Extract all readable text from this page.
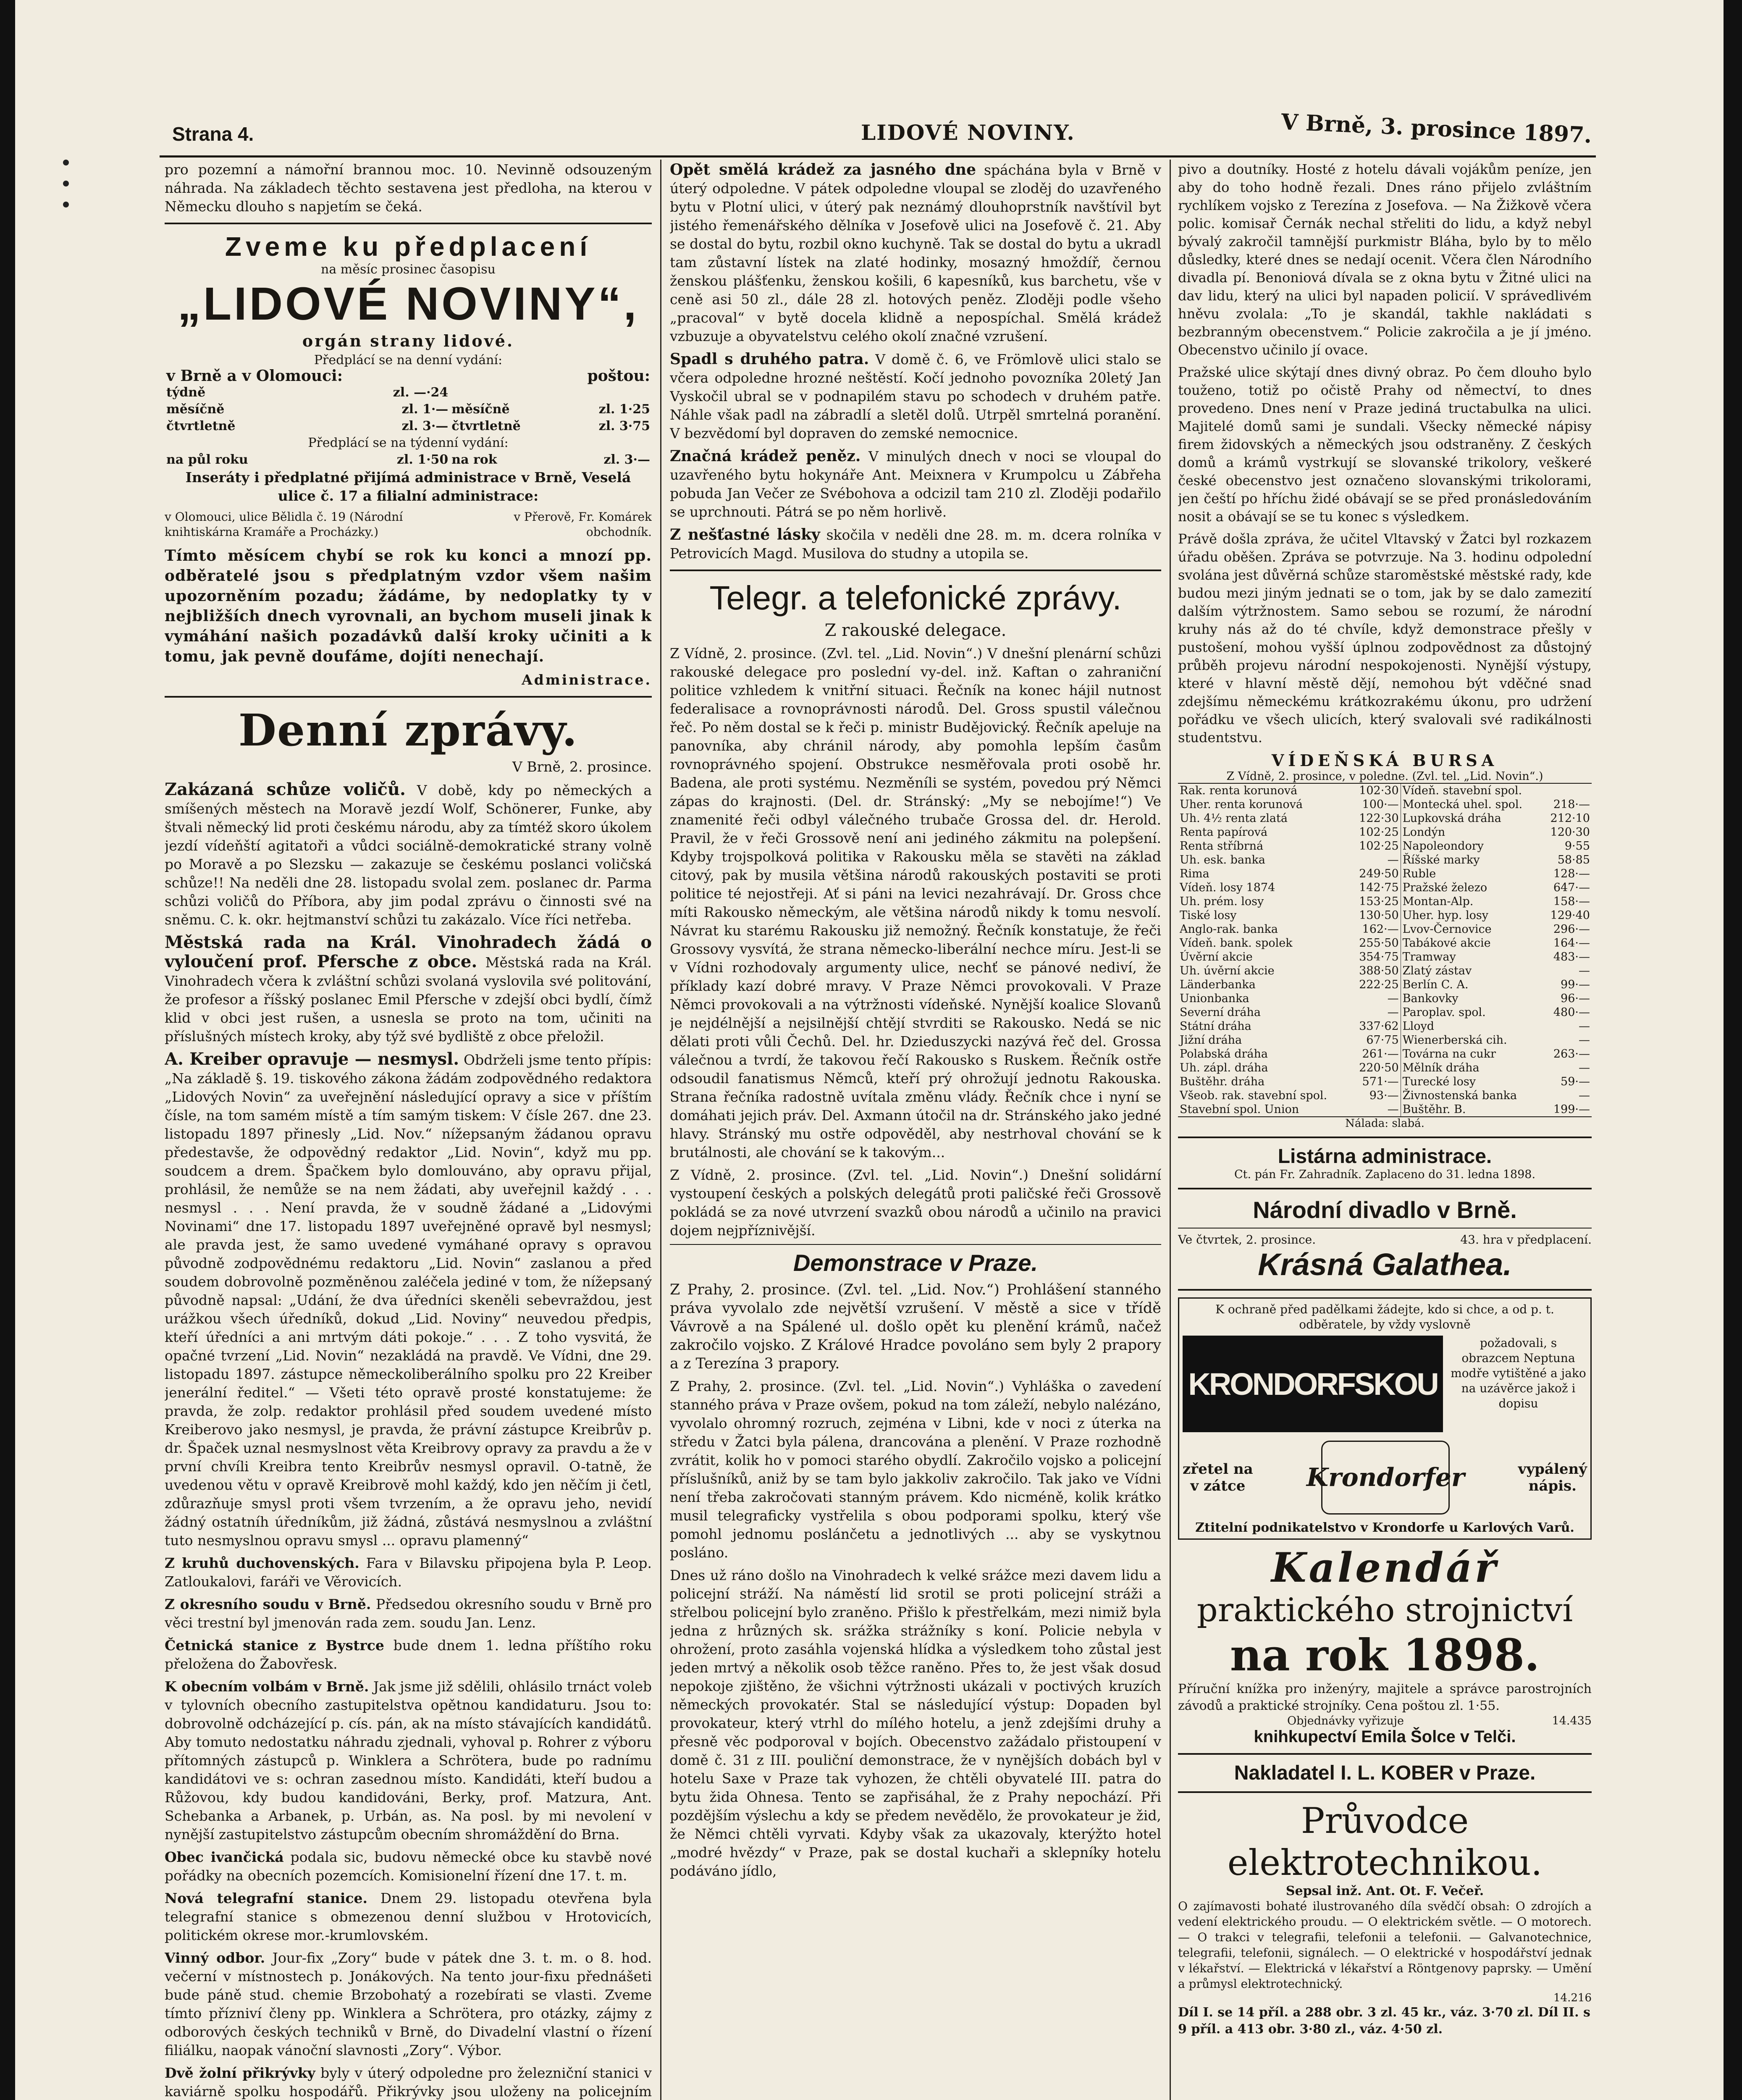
Strana 4.	LIDOVÉ NOVINY.	V Brně, 3. prosince 1897.

pro pozemní a námořní brannou moc. 10. Nevinně odsouzeným náhrada. Na základech těchto sestavena jest předloha, na kterou v Německu dlouho s napjetím se čeká.

Zveme ku předplacení
na měsíc prosinec časopisu
„LIDOVÉ NOVINY“,
orgán strany lidové.
Předplácí se na denní vydání:
v Brně a v Olomouci:		poštou:	
týdně	zl. —·24		
měsíčně	zl. 1·—	měsíčně	zl. 1·25
čtvrtletně	zl. 3·—	čtvrtletně	zl. 3·75
Předplácí se na týdenní vydání:			
na půl roku	zl. 1·50	na rok	zl. 3·—

Inseráty i předplatné přijímá administrace v Brně, Veselá ulice č. 17 a filialní administrace:

v Olomouci, ulice Bělidla č. 19 (Národní knihtiskárna Kramáře a Procházky.)
v Přerově, Fr. Komárek obchodník.

Tímto měsícem chybí se rok ku konci a mnozí pp. odběratelé jsou s předplatným vzdor všem našim upozorněním pozadu; žádáme, by nedoplatky ty v nejbližších dnech vyrovnali, an bychom museli jinak k vymáhání našich pozadávků další kroky učiniti a k tomu, jak pevně doufáme, dojíti nenechají.

Administrace.

Denní zprávy.

V Brně, 2. prosince.

Zakázaná schůze voličů. V době, kdy po německých a smíšených městech na Moravě jezdí Wolf, Schönerer, Funke, aby štvali německý lid proti českému národu, aby za tímtéž skoro úkolem jezdí vídeňští agitatoři a vůdci sociálně-demokratické strany volně po Moravě a po Slezsku — zakazuje se českému poslanci voličská schůze!! Na neděli dne 28. listopadu svolal zem. poslanec dr. Parma schůzi voličů do Příbora, aby jim podal zprávu o činnosti své na sněmu. C. k. okr. hejtmanství schůzi tu zakázalo. Více říci netřeba.

Městská rada na Král. Vinohradech žádá o vyloučení prof. Pfersche z obce. Městská rada na Král. Vinohradech včera k zvláštní schůzi svolaná vyslovila své politování, že profesor a říšský poslanec Emil Pfersche v zdejší obci bydlí, čímž klid v obci jest rušen, a usnesla se proto na tom, učiniti na příslušných místech kroky, aby týž své bydliště z obce přeložil.

A. Kreiber opravuje — nesmysl. Obdrželi jsme tento přípis: „Na základě §. 19. tiskového zákona žádám zodpovědného redaktora „Lidových Novin“ za uveřejnění následující opravy a sice v příštím čísle, na tom samém místě a tím samým tiskem: V čísle 267. dne 23. listopadu 1897 přinesly „Lid. Nov.“ nížepsaným žádanou opravu předestavše, že odpovědný redaktor „Lid. Novin“, když mu pp. soudcem a drem. Špačkem bylo domlouváno, aby opravu přijal, prohlásil, že nemůže se na nem žádati, aby uveřejnil každý . . . nesmysl . . . Není pravda, že v soudně žádané a „Lidovými Novinami“ dne 17. listopadu 1897 uveřejněné opravě byl nesmysl; ale pravda jest, že samo uvedené vymáhané opravy s opravou původně zodpovědnému redaktoru „Lid. Novin“ zaslanou a před soudem dobrovolně pozměněnou zaléčela jediné v tom, že nížepsaný původně napsal: „Udání, že dva úředníci skeněli sebevraždou, jest urážkou všech úředníků, dokud „Lid. Noviny“ neuvedou předpis, kteří úředníci a ani mrtvým dáti pokoje.“ . . . Z toho vysvitá, že opačné tvrzení „Lid. Novin“ nezakládá na pravdě. Ve Vídni, dne 29. listopadu 1897. zástupce německoliberálního spolku pro 22 Kreiber jenerální ředitel.“ — Všeti této opravě prosté konstatujeme: že pravda, že zolp. redaktor prohlásil před soudem uvedené místo Kreiberovo jako nesmysl, je pravda, že právní zástupce Kreibrův p. dr. Špaček uznal nesmyslnost věta Kreibrovy opravy za pravdu a že v první chvíli Kreibra tento Kreibrův nesmysl opravil. O-tatně, že uvedenou větu v opravě Kreibrově mohl každý, kdo jen něčím ji četl, zdůrazňuje smysl proti všem tvrzením, a že opravu jeho, nevidí žádný ostatníh úředníkům, již žádná, zůstává nesmyslnou a zvláštní tuto nesmyslnou opravu smysl ... opravu plamenný“

Z kruhů duchovenských. Fara v Bilavsku připojena byla P. Leop. Zatloukalovi, faráři ve Věrovicích.

Z okresního soudu v Brně. Předsedou okresního soudu v Brně pro věci trestní byl jmenován rada zem. soudu Jan. Lenz.

Četnická stanice z Bystrce bude dnem 1. ledna příštího roku přeložena do Žabovřesk.

K obecním volbám v Brně. Jak jsme již sdělili, ohlásilo trnáct voleb v tylovních obecního zastupitelstva opětnou kandidaturu. Jsou to: dobrovolně odcházející p. cís. pán, ak na místo stávajících kandidátů. Aby tomuto nedostatku náhradu zjednali, vyhoval p. Rohrer z výboru přítomných zástupců p. Winklera a Schrötera, bude po radnímu kandidátovi ve s: ochran zasednou místo. Kandidáti, kteří budou a Růžovou, kdy budou kandidováni, Berky, prof. Matzura, Ant. Schebanka a Arbanek, p. Urbán, as. Na posl. by mi nevolení v nynější zastupitelstvo zástupcům obecním shromáždění do Brna.

Obec ivančická podala sic, budovu německé obce ku stavbě nové pořádky na obecních pozemcích. Komisionelní řízení dne 17. t. m.

Nová telegrafní stanice. Dnem 29. listopadu otevřena byla telegrafní stanice s obmezenou denní službou v Hrotovicích, politickém okrese mor.-krumlovském.

Vinný odbor. Jour-fix „Zory“ bude v pátek dne 3. t. m. o 8. hod. večerní v místnostech p. Jonákových. Na tento jour-fixu přednášeti bude páně stud. chemie Brzobohatý a rozebírati se vlasti. Zveme tímto přízniví členy pp. Winklera a Schrötera, pro otázky, zájmy z odborových českých techniků v Brně, do Divadelní vlastní o řízení filiálku, naopak vánoční slavnosti „Zory“. Výbor.

Dvě žolní přikrývky byly v úterý odpoledne pro železniční stanici v kaviárně spolku hospodářů. Přikrývky jsou uloženy na policejním

Opět smělá krádež za jasného dne spáchána byla v Brně v úterý odpoledne. V pátek odpoledne vloupal se zloděj do uzavřeného bytu v Plotní ulici, v úterý pak neznámý dlouhoprstník navštívil byt jistého řemenářského dělníka v Josefově ulici na Josefově č. 21. Aby se dostal do bytu, rozbil okno kuchyně. Tak se dostal do bytu a ukradl tam zůstavní lístek na zlaté hodinky, mosazný hmoždíř, černou ženskou plášťenku, ženskou košili, 6 kapesníků, kus barchetu, vše v ceně asi 50 zl., dále 28 zl. hotových peněz. Zloději podle všeho „pracoval“ v bytě docela klidně a nepospíchal. Smělá krádež vzbuzuje a obyvatelstvu celého okolí značné vzrušení.

Spadl s druhého patra. V domě č. 6, ve Frömlově ulici stalo se včera odpoledne hrozné neštěstí. Kočí jednoho povozníka 20letý Jan Vyskočil ubral se v podnapilém stavu po schodech v druhém patře. Náhle však padl na zábradlí a sletěl dolů. Utrpěl smrtelná poranění. V bezvědomí byl dopraven do zemské nemocnice.

Značná krádež peněz. V minulých dnech v noci se vloupal do uzavřeného bytu hokynáře Ant. Meixnera v Krumpolcu u Zábřeha pobuda Jan Večer ze Svébohova a odcizil tam 210 zl. Zloději podařilo se uprchnouti. Pátrá se po něm horlivě.

Z nešťastné lásky skočila v neděli dne 28. m. m. dcera rolníka v Petrovicích Magd. Musilova do studny a utopila se.

Telegr. a telefonické zprávy.
Z rakouské delegace.

Z Vídně, 2. prosince. (Zvl. tel. „Lid. Novin“.) V dnešní plenární schůzi rakouské delegace pro poslední vy-del. inž. Kaftan o zahraniční politice vzhledem k vnitřní situaci. Řečník na konec hájil nutnost federalisace a rovnoprávnosti národů. Del. Gross spustil válečnou řeč. Po něm dostal se k řeči p. ministr Budějovický. Řečník apeluje na panovníka, aby chránil národy, aby pomohla lepším časům rovnoprávného spojení. Obstrukce nesměřovala proti osobě hr. Badena, ale proti systému. Nezměníli se systém, povedou prý Němci zápas do krajnosti. (Del. dr. Stránský: „My se nebojíme!“) Ve znamenité řeči odbyl válečného trubače Grossa del. dr. Herold. Pravil, že v řeči Grossově není ani jediného zákmitu na polepšení. Kdyby trojspolková politika v Rakousku měla se stavěti na základ citový, pak by musila většina národů rakouských postaviti se proti politice té nejostřeji. Ať si páni na levici nezahrávají. Dr. Gross chce míti Rakousko německým, ale většina národů nikdy k tomu nesvolí. Návrat ku starému Rakousku již nemožný. Řečník konstatuje, že řeči Grossovy vysvítá, že strana německo-liberální nechce míru. Jest-li se v Vídni rozhodovaly argumenty ulice, nechť se pánové nediví, že příklady kazí dobré mravy. V Praze Němci provokovali. V Praze Němci provokovali a na výtržnosti vídeňské. Nynější koalice Slovanů je nejdélnější a nejsilnější chtějí stvrditi se Rakousko. Nedá se nic dělati proti vůli Čechů. Del. hr. Dzieduszycki nazývá řeč del. Grossa válečnou a tvrdí, že takovou řečí Rakousko s Ruskem. Řečník ostře odsoudil fanatismus Němců, kteří prý ohrožují jednotu Rakouska. Strana řečníka radostně uvítala změnu vlády. Řečník chce i nyní se domáhati jejich práv. Del. Axmann útočil na dr. Stránského jako jedné hlavy. Stránský mu ostře odpověděl, aby nestrhoval chování se k brutálnosti, ale chování se k takovým...

Z Vídně, 2. prosince. (Zvl. tel. „Lid. Novin“.) Dnešní solidární vystoupení českých a polských delegátů proti paličské řeči Grossově pokládá se za nové utvrzení svazků obou národů a učinilo na pravici dojem nejpříznivější.

Demonstrace v Praze.

Z Prahy, 2. prosince. (Zvl. tel. „Lid. Nov.“) Prohlášení stanného práva vyvolalo zde největší vzrušení. V městě a sice v třídě Vávrově a na Spálené ul. došlo opět ku plenění krámů, načež zakročilo vojsko. Z Králové Hradce povoláno sem byly 2 prapory a z Terezína 3 prapory.

Z Prahy, 2. prosince. (Zvl. tel. „Lid. Novin“.) Vyhláška o zavedení stanného práva v Praze ovšem, pokud na tom záleží, nebylo nalézáno, vyvolalo ohromný rozruch, zejména v Libni, kde v noci z úterka na středu v Žatci byla pálena, drancována a plenění. V Praze rozhodně zvrátit, kolik ho v pomoci starého obydlí. Zakročilo vojsko a policejní příslušníků, aniž by se tam bylo jakkoliv zakročilo. Tak jako ve Vídni není třeba zakročovati stanným právem. Kdo nicméně, kolik krátko musil telegraficky vystřelila s obou podporami spolku, který vše pomohl jednomu poslánčetu a jednotlivých ... aby se vyskytnou posláno.

Dnes už ráno došlo na Vinohradech k velké srážce mezi davem lidu a policejní stráží. Na náměstí lid srotil se proti policejní stráži a střelbou policejní bylo zraněno. Přišlo k přestřelkám, mezi nimiž byla jedna z hrůzných sk. srážka strážníky s koní. Policie nebyla v ohrožení, proto zasáhla vojenská hlídka a výsledkem toho zůstal jest jeden mrtvý a několik osob těžce raněno. Přes to, že jest však dosud nepokoje zjištěno, že všichni výtržnosti ukázali v poctivých kruzích německých provokatér. Stal se následující výstup: Dopaden byl provokateur, který vtrhl do mílého hotelu, a jenž zdejšími druhy a přesně věc podporoval v bojích. Obecenstvo zažádalo přistoupení v domě č. 31 z III. pouliční demonstrace, že v nynějších dobách byl v hotelu Saxe v Praze tak vyhozen, že chtěli obyvatelé III. patra do bytu žida Ohnesa. Tento se zapřisáhal, že z Prahy nepochází. Při pozdějším výslechu a kdy se předem nevědělo, že provokateur je žid, že Němci chtěli vyrvati. Kdyby však za ukazovaly, kterýžto hotel „modré hvězdy“ v Praze, pak se dostal kuchaři a sklepníky hotelu podáváno jídlo,

pivo a doutníky. Hosté z hotelu dávali vojákům peníze, jen aby do toho hodně řezali. Dnes ráno přijelo zvláštním rychlíkem vojsko z Terezína z Josefova. — Na Žižkově včera polic. komisař Černák nechal střeliti do lidu, a když nebyl bývalý zakročil tamnější purkmistr Bláha, bylo by to mělo důsledky, které dnes se nedají ocenit. Včera člen Národního divadla pí. Benoniová dívala se z okna bytu v Žitné ulici na dav lidu, který na ulici byl napaden policií. V správedlivém hněvu zvolala: „To je skandál, takhle nakládati s bezbranným obecenstvem.“ Policie zakročila a je jí jméno. Obecenstvo učinilo jí ovace.

Pražské ulice skýtají dnes divný obraz. Po čem dlouho bylo touženo, totiž po očistě Prahy od němectví, to dnes provedeno. Dnes není v Praze jediná tructabulka na ulici. Majitelé domů sami je sundali. Všecky německé nápisy firem židovských a německých jsou odstraněny. Z českých domů a krámů vystrkují se slovanské trikolory, veškeré české obecenstvo jest označeno slovanskými trikolorami, jen čeští po hříchu židé obávají se se před pronásledováním nosit a obávají se se tu konec s výsledkem.

Právě došla zpráva, že učitel Vltavský v Žatci byl rozkazem úřadu oběšen. Zpráva se potvrzuje. Na 3. hodinu odpolední svolána jest důvěrná schůze staroměstské městské rady, kde budou mezi jiným jednati se o tom, jak by se dalo zamezití dalším výtržnostem. Samo sebou se rozumí, že národní kruhy nás až do té chvíle, když demonstrace přešly v pustošení, mohou vyšší úplnou zodpovědnost za důstojný průběh projevu národní nespokojenosti. Nynější výstupy, které v hlavní městě dějí, nemohou být vděčné snad zdejšímu německému krátkozrakému úkonu, pro udržení pořádku ve všech ulicích, který svalovali své radikálnosti studentstvu.

VÍDEŇSKÁ BURSA
Z Vídně, 2. prosince, v poledne. (Zvl. tel. „Lid. Novin“.)
Rak. renta korunová	102·30	Vídeň. stavební spol.	
Uher. renta korunová	100·—	Montecká uhel. spol.	218·—
Uh. 4½ renta zlatá	122·30	Lupkovská dráha	212·10
Renta papírová	102·25	Londýn	120·30
Renta stříbrná	102·25	Napoleondory	9·55
Uh. esk. banka	—	Říšské marky	58·85
Rima	249·50	Ruble	128·—
Vídeň. losy 1874	142·75	Pražské železo	647·—
Uh. prém. losy	153·25	Montan-Alp.	158·—
Tiské losy	130·50	Uher. hyp. losy	129·40
Anglo-rak. banka	162·—	Lvov-Černovice	296·—
Vídeň. bank. spolek	255·50	Tabákové akcie	164·—
Úvěrní akcie	354·75	Tramway	483·—
Uh. úvěrní akcie	388·50	Zlatý zástav	—
Länderbanka	222·25	Berlín C. A.	99·—
Unionbanka	—	Bankovky	96·—
Severní dráha	—	Paroplav. spol.	480·—
Státní dráha	337·62	Lloyd	—
Jižní dráha	67·75	Wienerberská cih.	—
Polabská dráha	261·—	Továrna na cukr	263·—
Uh. zápl. dráha	220·50	Mělník dráha	—
Buštěhr. dráha	571·—	Turecké losy	59·—
Všeob. rak. stavební spol.	93·—	Živnostenská banka	—
Stavební spol. Union	—	Buštěhr. B.	199·—
Nálada: slabá.
Listárna administrace.
Ct. pán Fr. Zahradník. Zaplaceno do 31. ledna 1898.
Národní divadlo v Brně.
Ve čtvrtek, 2. prosince.	43. hra v předplacení.
Krásná Galathea.
K ochraně před padělkami žádejte, kdo si chce, a od p. t. odběratele, by vždy vyslovně
KRONDORFSKOU
požadovali, s obrazcem Neptuna modře vytištěné a jako na uzávěrce jakož i dopisu
zřetel na
v zátce	Krondorfer	vypálený
nápis.
Ztitelní podnikatelstvo v Krondorfe u Karlových Varů.
Kalendář
praktického strojnictví
na rok 1898.
Příruční knížka pro inženýry, majitele a správce parostrojních závodů a praktické strojníky. Cena poštou zl. 1·55.
Objednávky vyřizuje	14.435
knihkupectví Emila Šolce v Telči.
Nakladatel I. L. KOBER v Praze.
Průvodce elektrotechnikou.
Sepsal inž. Ant. Ot. F. Večeř.
O zajímavosti bohaté ilustrovaného díla svědčí obsah: O zdrojích a vedení elektrického proudu. — O elektrickém světle. — O motorech. — O trakci v telegrafii, telefonii a telefonii. — Galvanotechnice, telegrafii, telefonii, signálech. — O elektrické v hospodářství jednak v lékařství. — Elektrická v lékařství a Röntgenovy paprsky. — Umění a průmysl elektrotechnický.
14.216
Díl I. se 14 příl. a 288 obr. 3 zl. 45 kr., váz. 3·70 zl. Díl II. s 9 příl. a 413 obr. 3·80 zl., váz. 4·50 zl.
